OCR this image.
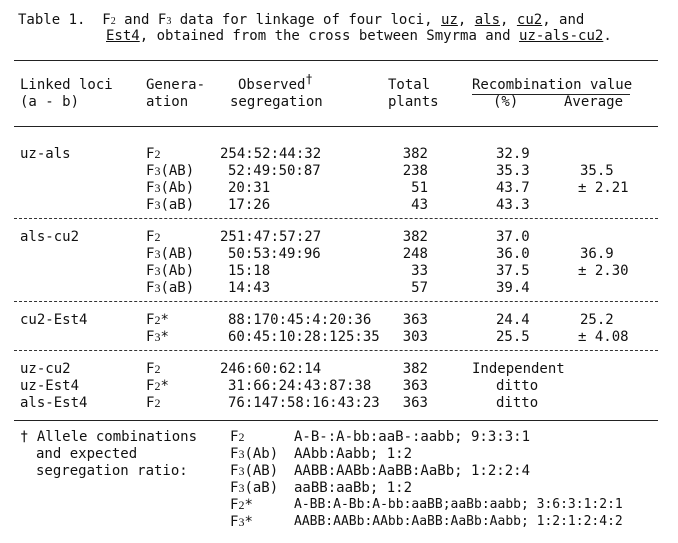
Table 1. F2 and F3 data for linkage of four loci, uz, als, cu2, and
Est4, obtained from the cross between Smyrma and uz-als-cu2.
Linked loci
(a - b)
Genera-
ation
Observed†
segregation
Total
plants
Recombination value
(%)	Average
uz-als	F2	254:52:44:32	382	32.9
F3(AB) 52:49:50:87	238	35.3	35.5
F3(Ab) 20:31	51	43.7	± 2.21
F3(aB) 17:26	43	43.3
als-cu2	F2	251:47:57:27	382	37.0
F3(AB) 50:53:49:96	248	36.0	36.9
F3(Ab) 15:18	33	37.5	± 2.30
F3(aB) 14:43	57	39.4
cu2-Est4	F2*	88:170:45:4:20:36	363	24.4	25.2
F3*	60:45:10:28:125:35	303	25.5	± 4.08
uz-cu2	F2	246:60:62:14	382	Independent
uz-Est4	F2*	31:66:24:43:87:38	363	ditto
als-Est4	F2	76:147:58:16:43:23	363	ditto
† Allele combinations
and expected
segregation ratio:
F2	A-B-:A-bb:aaB-:aabb; 9:3:3:1
F3(Ab) AAbb:Aabb; 1:2
F3(AB) AABB:AABb:AaBB:AaBb; 1:2:2:4
F3(aB) aaBB:aaBb; 1:2
F2*	A-BB:A-Bb:A-bb:aaBB;aaBb:aabb; 3:6:3:1:2:1
F3*	AABB:AABb:AAbb:AaBB:AaBb:Aabb; 1:2:1:2:4:2
